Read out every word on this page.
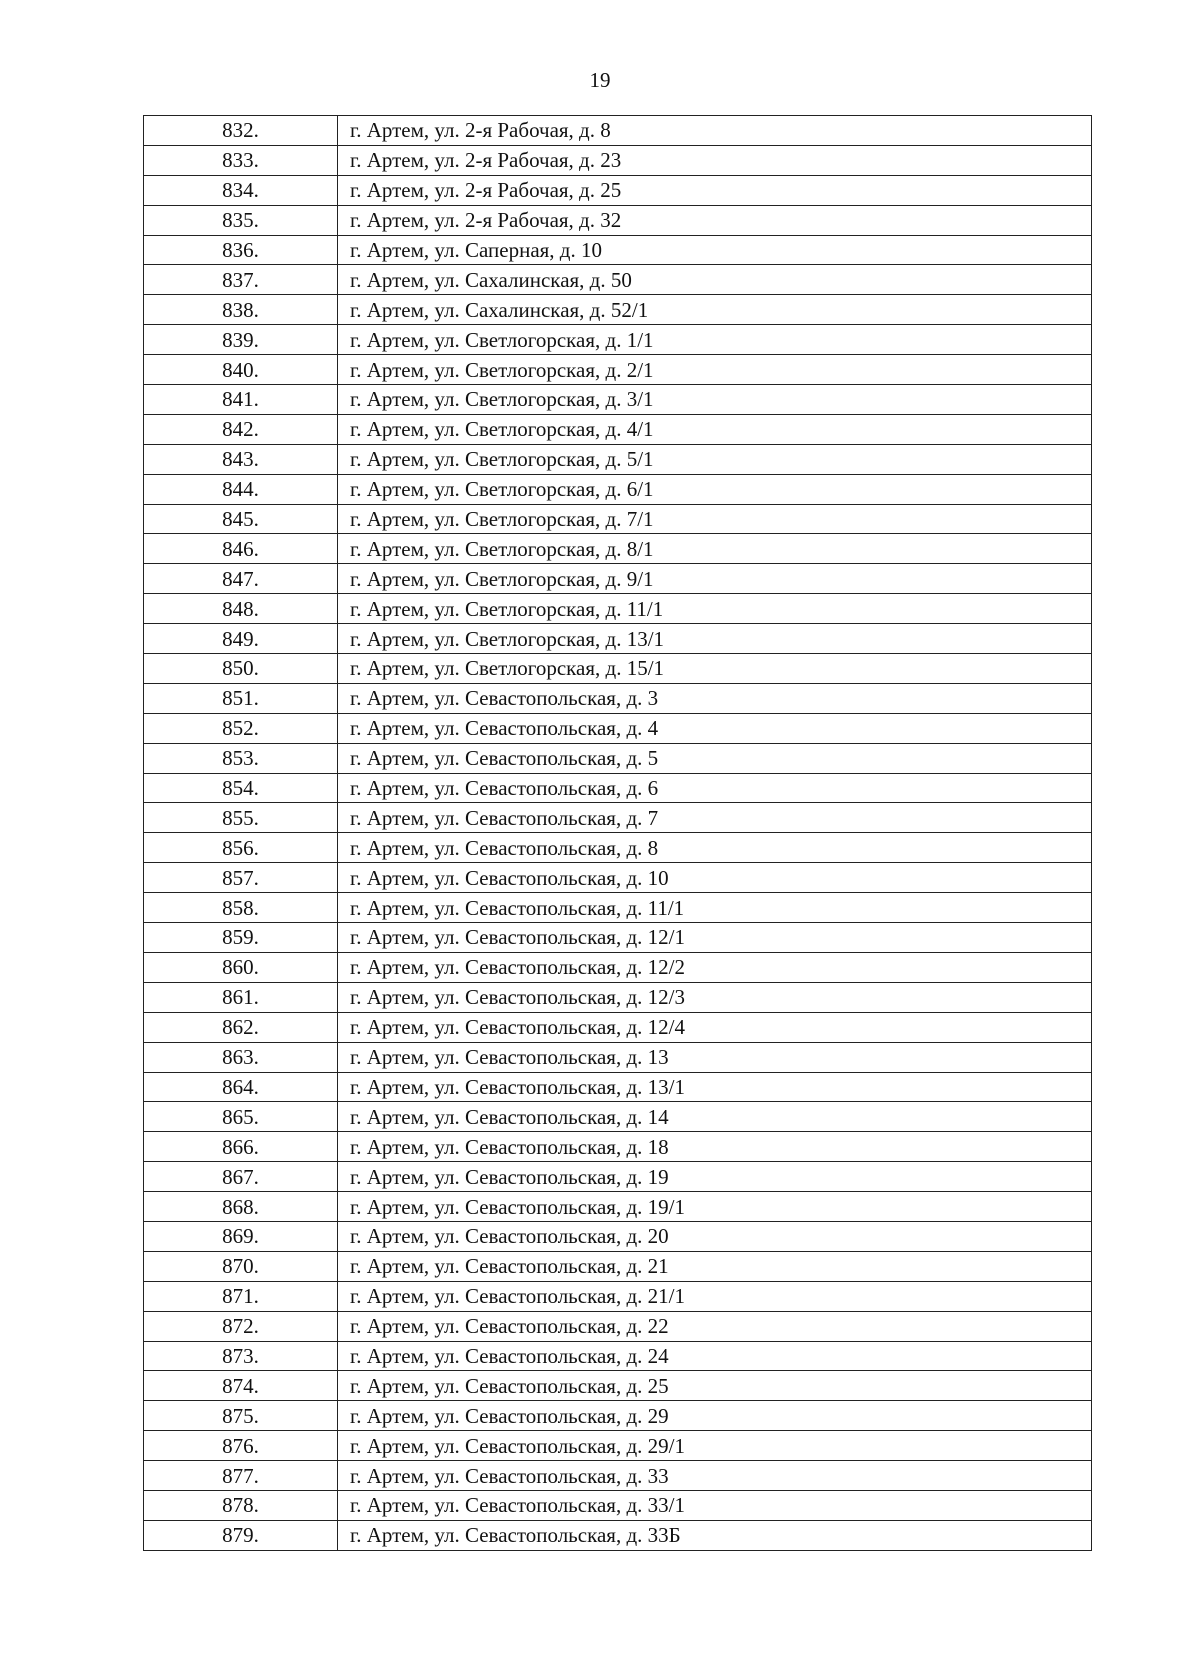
19
832.	г. Артем, ул. 2-я Рабочая, д. 8
833.	г. Артем, ул. 2-я Рабочая, д. 23
834.	г. Артем, ул. 2-я Рабочая, д. 25
835.	г. Артем, ул. 2-я Рабочая, д. 32
836.	г. Артем, ул. Саперная, д. 10
837.	г. Артем, ул. Сахалинская, д. 50
838.	г. Артем, ул. Сахалинская, д. 52/1
839.	г. Артем, ул. Светлогорская, д. 1/1
840.	г. Артем, ул. Светлогорская, д. 2/1
841.	г. Артем, ул. Светлогорская, д. 3/1
842.	г. Артем, ул. Светлогорская, д. 4/1
843.	г. Артем, ул. Светлогорская, д. 5/1
844.	г. Артем, ул. Светлогорская, д. 6/1
845.	г. Артем, ул. Светлогорская, д. 7/1
846.	г. Артем, ул. Светлогорская, д. 8/1
847.	г. Артем, ул. Светлогорская, д. 9/1
848.	г. Артем, ул. Светлогорская, д. 11/1
849.	г. Артем, ул. Светлогорская, д. 13/1
850.	г. Артем, ул. Светлогорская, д. 15/1
851.	г. Артем, ул. Севастопольская, д. 3
852.	г. Артем, ул. Севастопольская, д. 4
853.	г. Артем, ул. Севастопольская, д. 5
854.	г. Артем, ул. Севастопольская, д. 6
855.	г. Артем, ул. Севастопольская, д. 7
856.	г. Артем, ул. Севастопольская, д. 8
857.	г. Артем, ул. Севастопольская, д. 10
858.	г. Артем, ул. Севастопольская, д. 11/1
859.	г. Артем, ул. Севастопольская, д. 12/1
860.	г. Артем, ул. Севастопольская, д. 12/2
861.	г. Артем, ул. Севастопольская, д. 12/3
862.	г. Артем, ул. Севастопольская, д. 12/4
863.	г. Артем, ул. Севастопольская, д. 13
864.	г. Артем, ул. Севастопольская, д. 13/1
865.	г. Артем, ул. Севастопольская, д. 14
866.	г. Артем, ул. Севастопольская, д. 18
867.	г. Артем, ул. Севастопольская, д. 19
868.	г. Артем, ул. Севастопольская, д. 19/1
869.	г. Артем, ул. Севастопольская, д. 20
870.	г. Артем, ул. Севастопольская, д. 21
871.	г. Артем, ул. Севастопольская, д. 21/1
872.	г. Артем, ул. Севастопольская, д. 22
873.	г. Артем, ул. Севастопольская, д. 24
874.	г. Артем, ул. Севастопольская, д. 25
875.	г. Артем, ул. Севастопольская, д. 29
876.	г. Артем, ул. Севастопольская, д. 29/1
877.	г. Артем, ул. Севастопольская, д. 33
878.	г. Артем, ул. Севастопольская, д. 33/1
879.	г. Артем, ул. Севастопольская, д. 33Б
